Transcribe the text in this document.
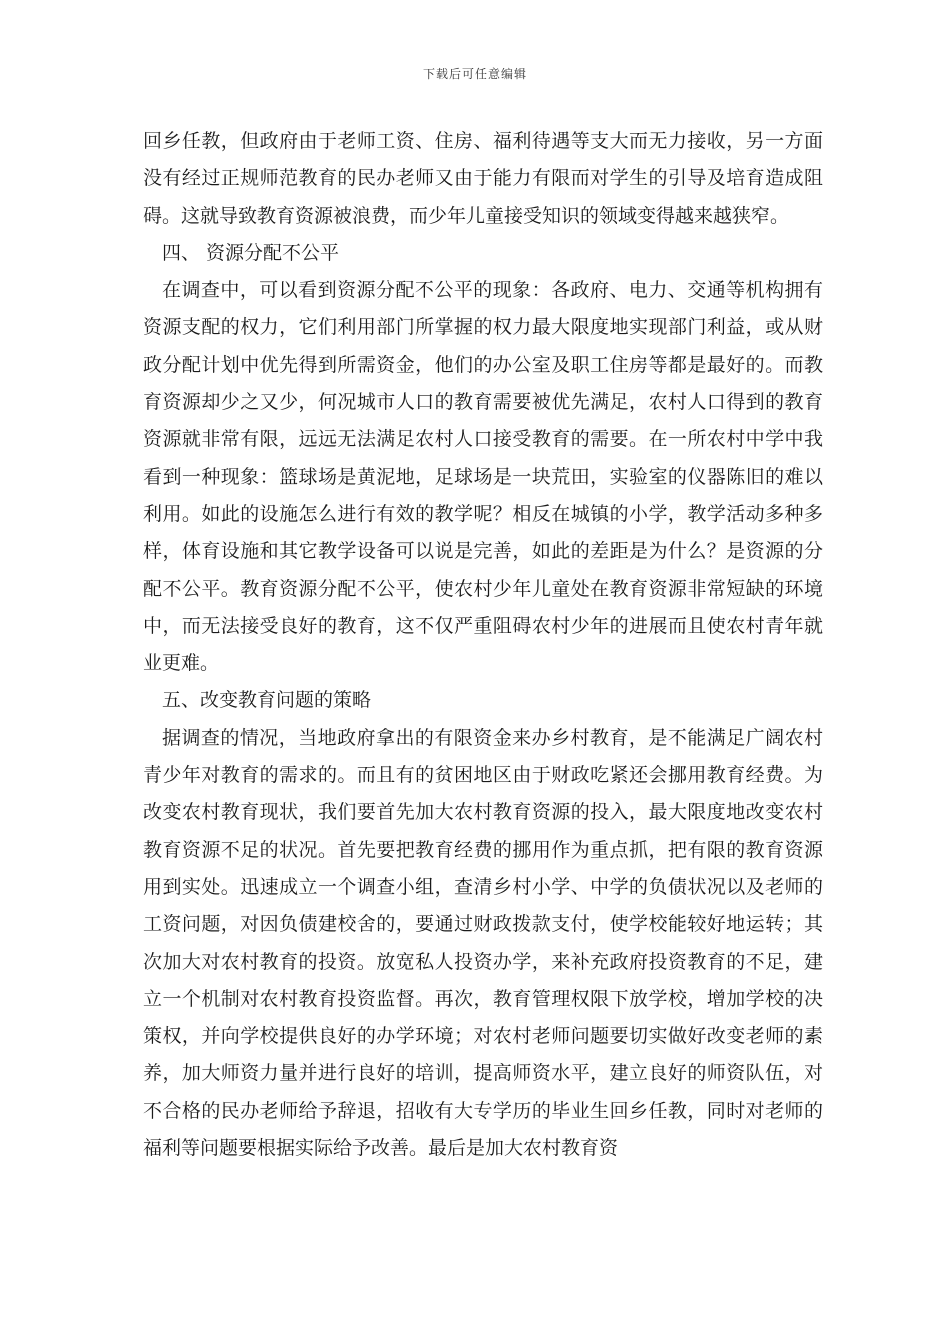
下载后可任意编辑

回乡任教，但政府由于老师工资、住房、福利待遇等支大而无力接收，另一方面没有经过正规师范教育的民办老师又由于能力有限而对学生的引导及培育造成阻碍。这就导致教育资源被浪费，而少年儿童接受知识的领域变得越来越狭窄。

四、 资源分配不公平

在调查中，可以看到资源分配不公平的现象：各政府、电力、交通等机构拥有资源支配的权力，它们利用部门所掌握的权力最大限度地实现部门利益，或从财政分配计划中优先得到所需资金，他们的办公室及职工住房等都是最好的。而教育资源却少之又少，何况城市人口的教育需要被优先满足，农村人口得到的教育资源就非常有限，远远无法满足农村人口接受教育的需要。在一所农村中学中我看到一种现象：篮球场是黄泥地，足球场是一块荒田，实验室的仪器陈旧的难以利用。如此的设施怎么进行有效的教学呢？相反在城镇的小学，教学活动多种多样，体育设施和其它教学设备可以说是完善，如此的差距是为什么？是资源的分配不公平。教育资源分配不公平，使农村少年儿童处在教育资源非常短缺的环境中，而无法接受良好的教育，这不仅严重阻碍农村少年的进展而且使农村青年就业更难。

五、改变教育问题的策略

据调查的情况，当地政府拿出的有限资金来办乡村教育，是不能满足广阔农村青少年对教育的需求的。而且有的贫困地区由于财政吃紧还会挪用教育经费。为改变农村教育现状，我们要首先加大农村教育资源的投入，最大限度地改变农村教育资源不足的状况。首先要把教育经费的挪用作为重点抓，把有限的教育资源用到实处。迅速成立一个调查小组，查清乡村小学、中学的负债状况以及老师的工资问题，对因负债建校舍的，要通过财政拨款支付，使学校能较好地运转；其次加大对农村教育的投资。放宽私人投资办学，来补充政府投资教育的不足，建立一个机制对农村教育投资监督。再次，教育管理权限下放学校，增加学校的决策权，并向学校提供良好的办学环境；对农村老师问题要切实做好改变老师的素养，加大师资力量并进行良好的培训，提高师资水平，建立良好的师资队伍，对不合格的民办老师给予辞退，招收有大专学历的毕业生回乡任教，同时对老师的福利等问题要根据实际给予改善。最后是加大农村教育资
